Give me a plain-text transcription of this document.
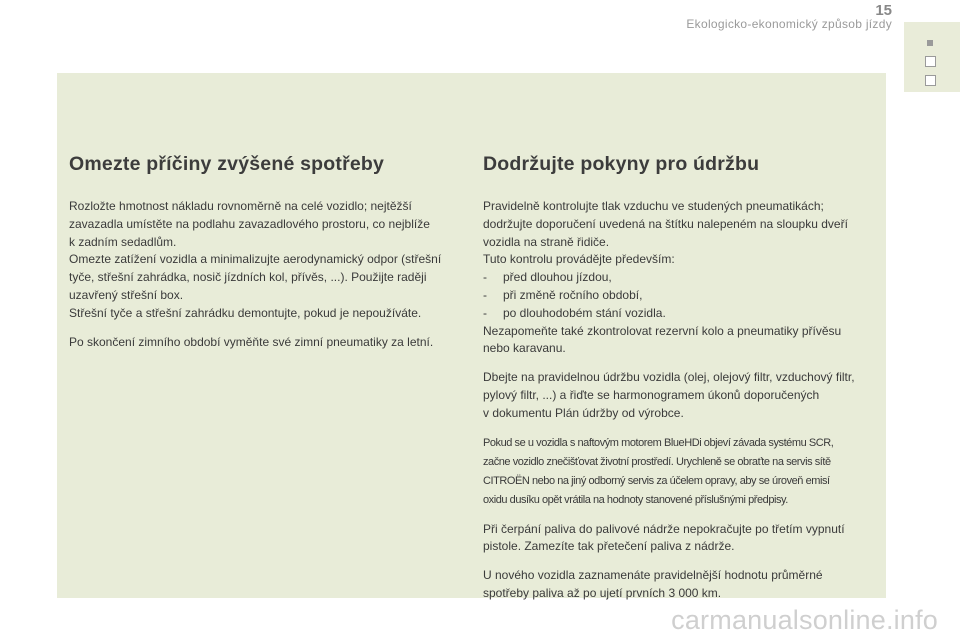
15
Ekologicko-ekonomický způsob jízdy
Omezte příčiny zvýšené spotřeby

Rozložte hmotnost nákladu rovnoměrně na celé vozidlo; nejtěžší
zavazadla umístěte na podlahu zavazadlového prostoru, co nejblíže
k zadním sedadlům.
Omezte zatížení vozidla a minimalizujte aerodynamický odpor (střešní
tyče, střešní zahrádka, nosič jízdních kol, přívěs, ...). Použijte raději
uzavřený střešní box.
Střešní tyče a střešní zahrádku demontujte, pokud je nepoužíváte.

Po skončení zimního období vyměňte své zimní pneumatiky za letní.

Dodržujte pokyny pro údržbu

Pravidelně kontrolujte tlak vzduchu ve studených pneumatikách;
dodržujte doporučení uvedená na štítku nalepeném na sloupku dveří
vozidla na straně řidiče.
Tuto kontrolu provádějte především:
- před dlouhou jízdou,
- při změně ročního období,
- po dlouhodobém stání vozidla.
Nezapomeňte také zkontrolovat rezervní kolo a pneumatiky přívěsu
nebo karavanu.

Dbejte na pravidelnou údržbu vozidla (olej, olejový filtr, vzduchový filtr,
pylový filtr, ...) a řiďte se harmonogramem úkonů doporučených
v dokumentu Plán údržby od výrobce.

Pokud se u vozidla s naftovým motorem BlueHDi objeví závada systému SCR,
začne vozidlo znečišťovat životní prostředí. Urychleně se obraťte na servis sítě
CITROËN nebo na jiný odborný servis za účelem opravy, aby se úroveň emisí
oxidu dusíku opět vrátila na hodnoty stanovené příslušnými předpisy.

Při čerpání paliva do palivové nádrže nepokračujte po třetím vypnutí
pistole. Zamezíte tak přetečení paliva z nádrže.

U nového vozidla zaznamenáte pravidelnější hodnotu průměrné
spotřeby paliva až po ujetí prvních 3 000 km.

carmanualsonline.info
